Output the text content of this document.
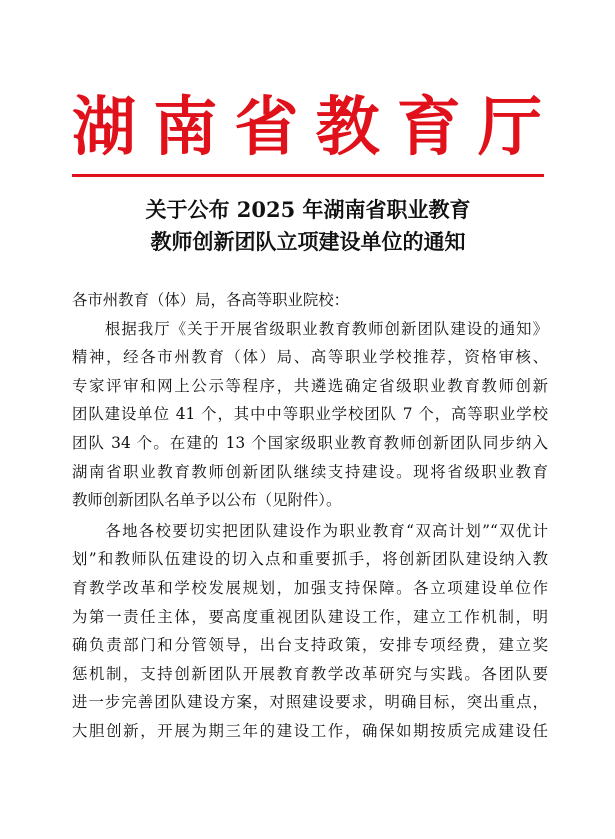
湖 南 省 教 育 厅
关于公布 2025 年湖南省职业教育
教师创新团队立项建设单位的通知
各市州教育（体）局，各高等职业院校：
　　根据我厅《关于开展省级职业教育教师创新团队建设的通知》
精神，经各市州教育（体）局、高等职业学校推荐，资格审核、
专家评审和网上公示等程序，共遴选确定省级职业教育教师创新
团队建设单位 41 个，其中中等职业学校团队 7 个，高等职业学校
团队 34 个。在建的 13 个国家级职业教育教师创新团队同步纳入
湖南省职业教育教师创新团队继续支持建设。现将省级职业教育
教师创新团队名单予以公布（见附件）。
　　各地各校要切实把团队建设作为职业教育“双高计划”“双优计
划”和教师队伍建设的切入点和重要抓手，将创新团队建设纳入教
育教学改革和学校发展规划，加强支持保障。各立项建设单位作
为第一责任主体，要高度重视团队建设工作，建立工作机制，明
确负责部门和分管领导，出台支持政策，安排专项经费，建立奖
惩机制，支持创新团队开展教育教学改革研究与实践。各团队要
进一步完善团队建设方案，对照建设要求，明确目标，突出重点，
大胆创新，开展为期三年的建设工作，确保如期按质完成建设任
